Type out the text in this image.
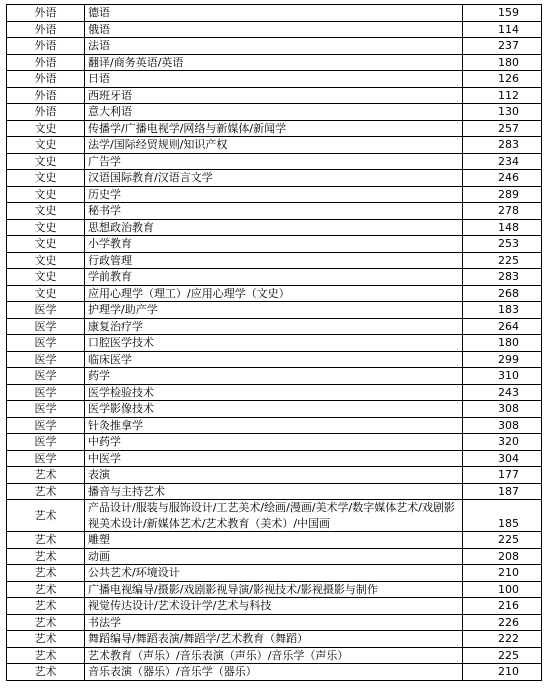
外语	德语	159
外语	俄语	114
外语	法语	237
外语	翻译/商务英语/英语	180
外语	日语	126
外语	西班牙语	112
外语	意大利语	130
文史	传播学/广播电视学/网络与新媒体/新闻学	257
文史	法学/国际经贸规则/知识产权	283
文史	广告学	234
文史	汉语国际教育/汉语言文学	246
文史	历史学	289
文史	秘书学	278
文史	思想政治教育	148
文史	小学教育	253
文史	行政管理	225
文史	学前教育	283
文史	应用心理学（理工）/应用心理学（文史）	268
医学	护理学/助产学	183
医学	康复治疗学	264
医学	口腔医学技术	180
医学	临床医学	299
医学	药学	310
医学	医学检验技术	243
医学	医学影像技术	308
医学	针灸推拿学	308
医学	中药学	320
医学	中医学	304
艺术	表演	177
艺术	播音与主持艺术	187
艺术	产品设计/服装与服饰设计/工艺美术/绘画/漫画/美术学/数字媒体艺术/戏剧影视美术设计/新媒体艺术/艺术教育（美术）/中国画	185
艺术	雕塑	225
艺术	动画	208
艺术	公共艺术/环境设计	210
艺术	广播电视编导/摄影/戏剧影视导演/影视技术/影视摄影与制作	100
艺术	视觉传达设计/艺术设计学/艺术与科技	216
艺术	书法学	226
艺术	舞蹈编导/舞蹈表演/舞蹈学/艺术教育（舞蹈）	222
艺术	艺术教育（声乐）/音乐表演（声乐）/音乐学（声乐）	225
艺术	音乐表演（器乐）/音乐学（器乐）	210
